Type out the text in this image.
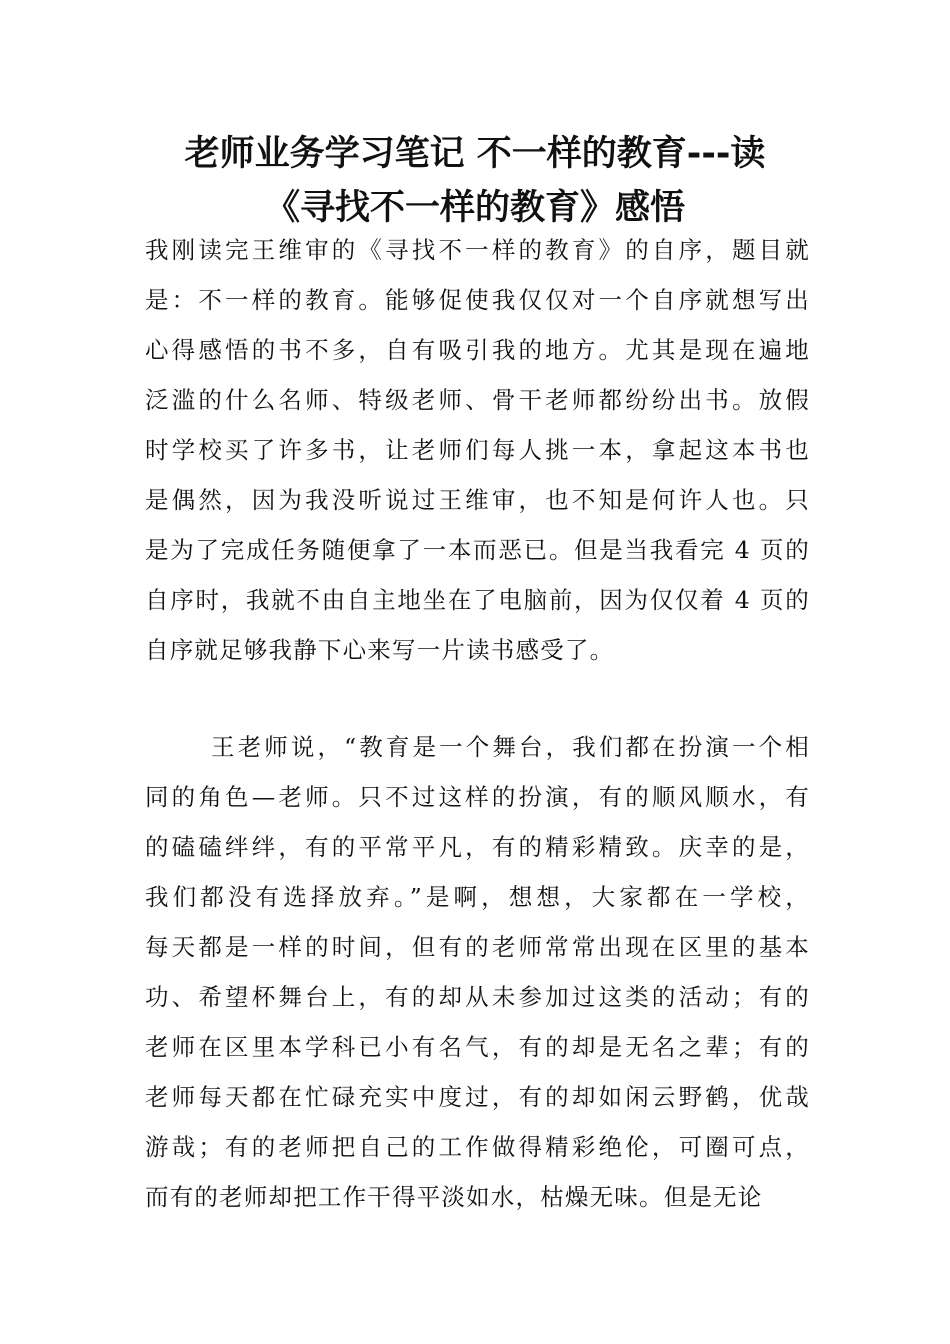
老师业务学习笔记 不一样的教育---读
《寻找不一样的教育》感悟
我刚读完王维审的《寻找不一样的教育》的自序，题目就
是：不一样的教育。能够促使我仅仅对一个自序就想写出
心得感悟的书不多，自有吸引我的地方。尤其是现在遍地
泛滥的什么名师、特级老师、骨干老师都纷纷出书。放假
时学校买了许多书，让老师们每人挑一本，拿起这本书也
是偶然，因为我没听说过王维审，也不知是何许人也。只
是为了完成任务随便拿了一本而恶已。但是当我看完 4 页的
自序时，我就不由自主地坐在了电脑前，因为仅仅着 4 页的
自序就足够我静下心来写一片读书感受了。
王老师说，“教育是一个舞台，我们都在扮演一个相
同的角色—老师。只不过这样的扮演，有的顺风顺水，有
的磕磕绊绊，有的平常平凡，有的精彩精致。庆幸的是，
我们都没有选择放弃。”是啊，想想，大家都在一学校，
每天都是一样的时间，但有的老师常常出现在区里的基本
功、希望杯舞台上，有的却从未参加过这类的活动；有的
老师在区里本学科已小有名气，有的却是无名之辈；有的
老师每天都在忙碌充实中度过，有的却如闲云野鹤，优哉
游哉；有的老师把自己的工作做得精彩绝伦，可圈可点，
而有的老师却把工作干得平淡如水，枯燥无味。但是无论
